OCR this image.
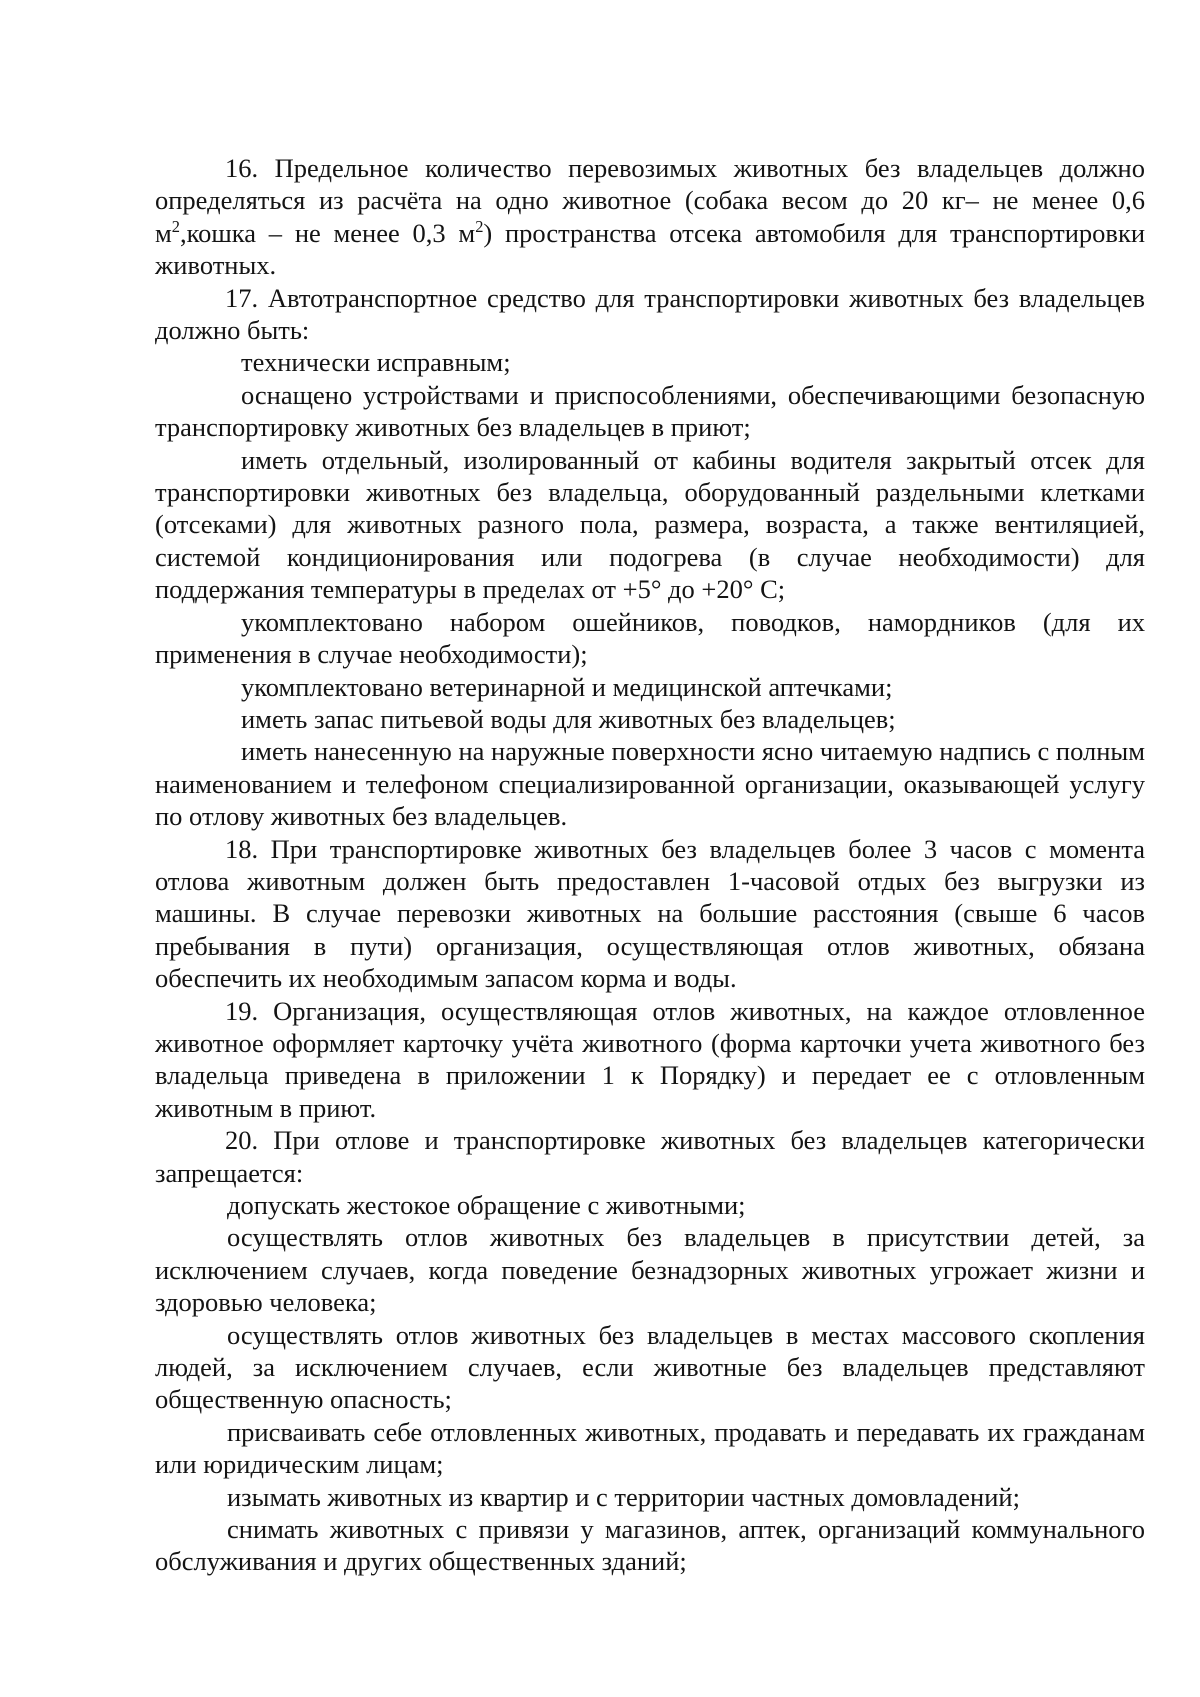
16. Предельное количество перевозимых животных без владельцев должно определяться из расчёта на одно животное (собака весом до 20 кг– не менее 0,6 $м^2,кошка$ – не менее 0,3 $м^2$) пространства отсека автомобиля для транспортировки животных.

17. Автотранспортное средство для транспортировки животных без владельцев должно быть:

технически исправным;

оснащено устройствами и приспособлениями, обеспечивающими безопасную транспортировку животных без владельцев в приют;

иметь отдельный, изолированный от кабины водителя закрытый отсек для транспортировки животных без владельца, оборудованный раздельными клетками (отсеками) для животных разного пола, размера, возраста, а также вентиляцией, системой кондиционирования или подогрева (в случае необходимости) для поддержания температуры в пределах от +5° до +20° С;

укомплектовано набором ошейников, поводков, намордников (для их применения в случае необходимости);

укомплектовано ветеринарной и медицинской аптечками;

иметь запас питьевой воды для животных без владельцев;

иметь нанесенную на наружные поверхности ясно читаемую надпись с полным наименованием и телефоном специализированной организации, оказывающей услугу по отлову животных без владельцев.

18. При транспортировке животных без владельцев более 3 часов с момента отлова животным должен быть предоставлен 1-часовой отдых без выгрузки из машины. В случае перевозки животных на большие расстояния (свыше 6 часов пребывания в пути) организация, осуществляющая отлов животных, обязана обеспечить их необходимым запасом корма и воды.

19. Организация, осуществляющая отлов животных, на каждое отловленное животное оформляет карточку учёта животного (форма карточки учета животного без владельца приведена в приложении 1 к Порядку) и передает ее с отловленным животным в приют.

20. При отлове и транспортировке животных без владельцев категорически запрещается:

допускать жестокое обращение с животными;

осуществлять отлов животных без владельцев в присутствии детей, за исключением случаев, когда поведение безнадзорных животных угрожает жизни и здоровью человека;

осуществлять отлов животных без владельцев в местах массового скопления людей, за исключением случаев, если животные без владельцев представляют общественную опасность;

присваивать себе отловленных животных, продавать и передавать их гражданам или юридическим лицам;

изымать животных из квартир и с территории частных домовладений;

снимать животных с привязи у магазинов, аптек, организаций коммунального обслуживания и других общественных зданий;
